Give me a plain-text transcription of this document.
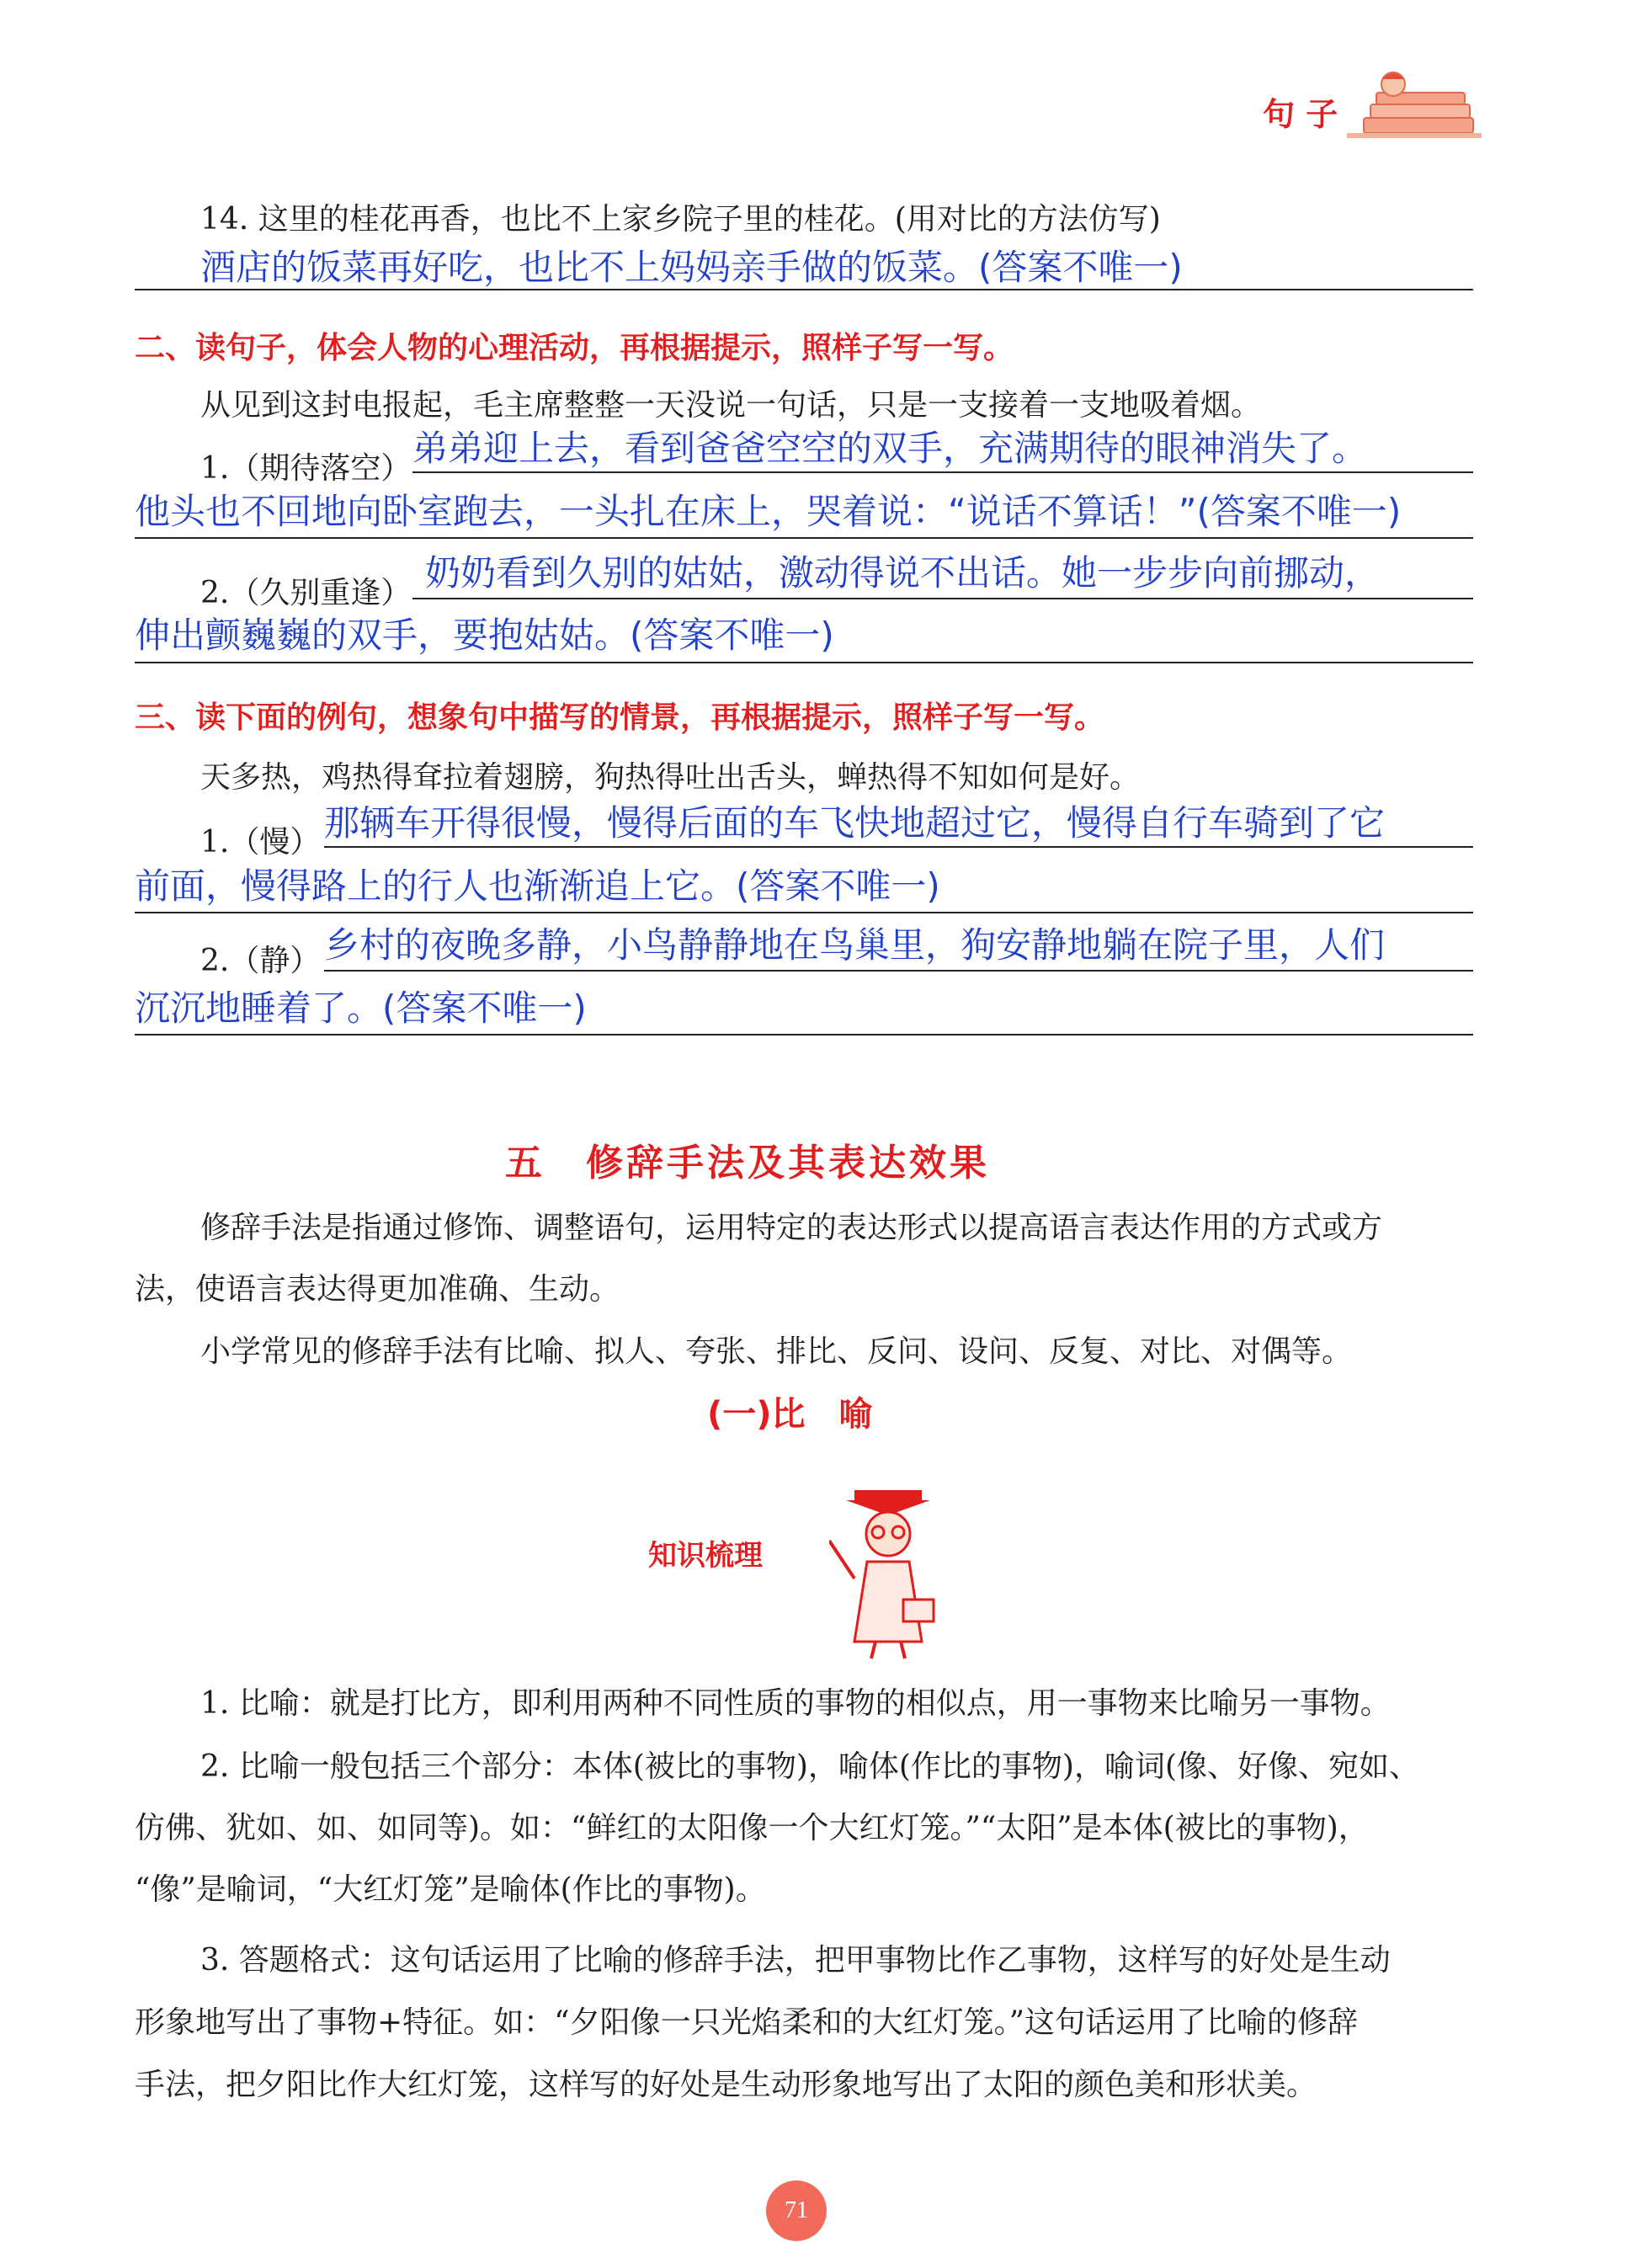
句 子
14. 这里的桂花再香，也比不上家乡院子里的桂花。(用对比的方法仿写)
酒店的饭菜再好吃，也比不上妈妈亲手做的饭菜。(答案不唯一)
二、读句子，体会人物的心理活动，再根据提示，照样子写一写。
从见到这封电报起，毛主席整整一天没说一句话，只是一支接着一支地吸着烟。
1.（期待落空） 弟弟迎上去，看到爸爸空空的双手，充满期待的眼神消失了。
他头也不回地向卧室跑去，一头扎在床上，哭着说：“说话不算话！”(答案不唯一)
2.（久别重逢） 奶奶看到久别的姑姑，激动得说不出话。她一步步向前挪动，
伸出颤巍巍的双手，要抱姑姑。(答案不唯一)
三、读下面的例句，想象句中描写的情景，再根据提示，照样子写一写。
天多热，鸡热得耷拉着翅膀，狗热得吐出舌头，蝉热得不知如何是好。
1.（慢） 那辆车开得很慢，慢得后面的车飞快地超过它，慢得自行车骑到了它
前面，慢得路上的行人也渐渐追上它。(答案不唯一)
2.（静） 乡村的夜晚多静，小鸟静静地在鸟巢里，狗安静地躺在院子里，人们
沉沉地睡着了。(答案不唯一)
五　修辞手法及其表达效果
修辞手法是指通过修饰、调整语句，运用特定的表达形式以提高语言表达作用的方式或方
法，使语言表达得更加准确、生动。
小学常见的修辞手法有比喻、拟人、夸张、排比、反问、设问、反复、对比、对偶等。
(一)比　喻
知识梳理
1. 比喻：就是打比方，即利用两种不同性质的事物的相似点，用一事物来比喻另一事物。
2. 比喻一般包括三个部分：本体(被比的事物)，喻体(作比的事物)，喻词(像、好像、宛如、
仿佛、犹如、如、如同等)。如：“鲜红的太阳像一个大红灯笼。”“太阳”是本体(被比的事物)，
“像”是喻词，“大红灯笼”是喻体(作比的事物)。
3. 答题格式：这句话运用了比喻的修辞手法，把甲事物比作乙事物，这样写的好处是生动
形象地写出了事物+特征。如：“夕阳像一只光焰柔和的大红灯笼。”这句话运用了比喻的修辞
手法，把夕阳比作大红灯笼，这样写的好处是生动形象地写出了太阳的颜色美和形状美。
71
